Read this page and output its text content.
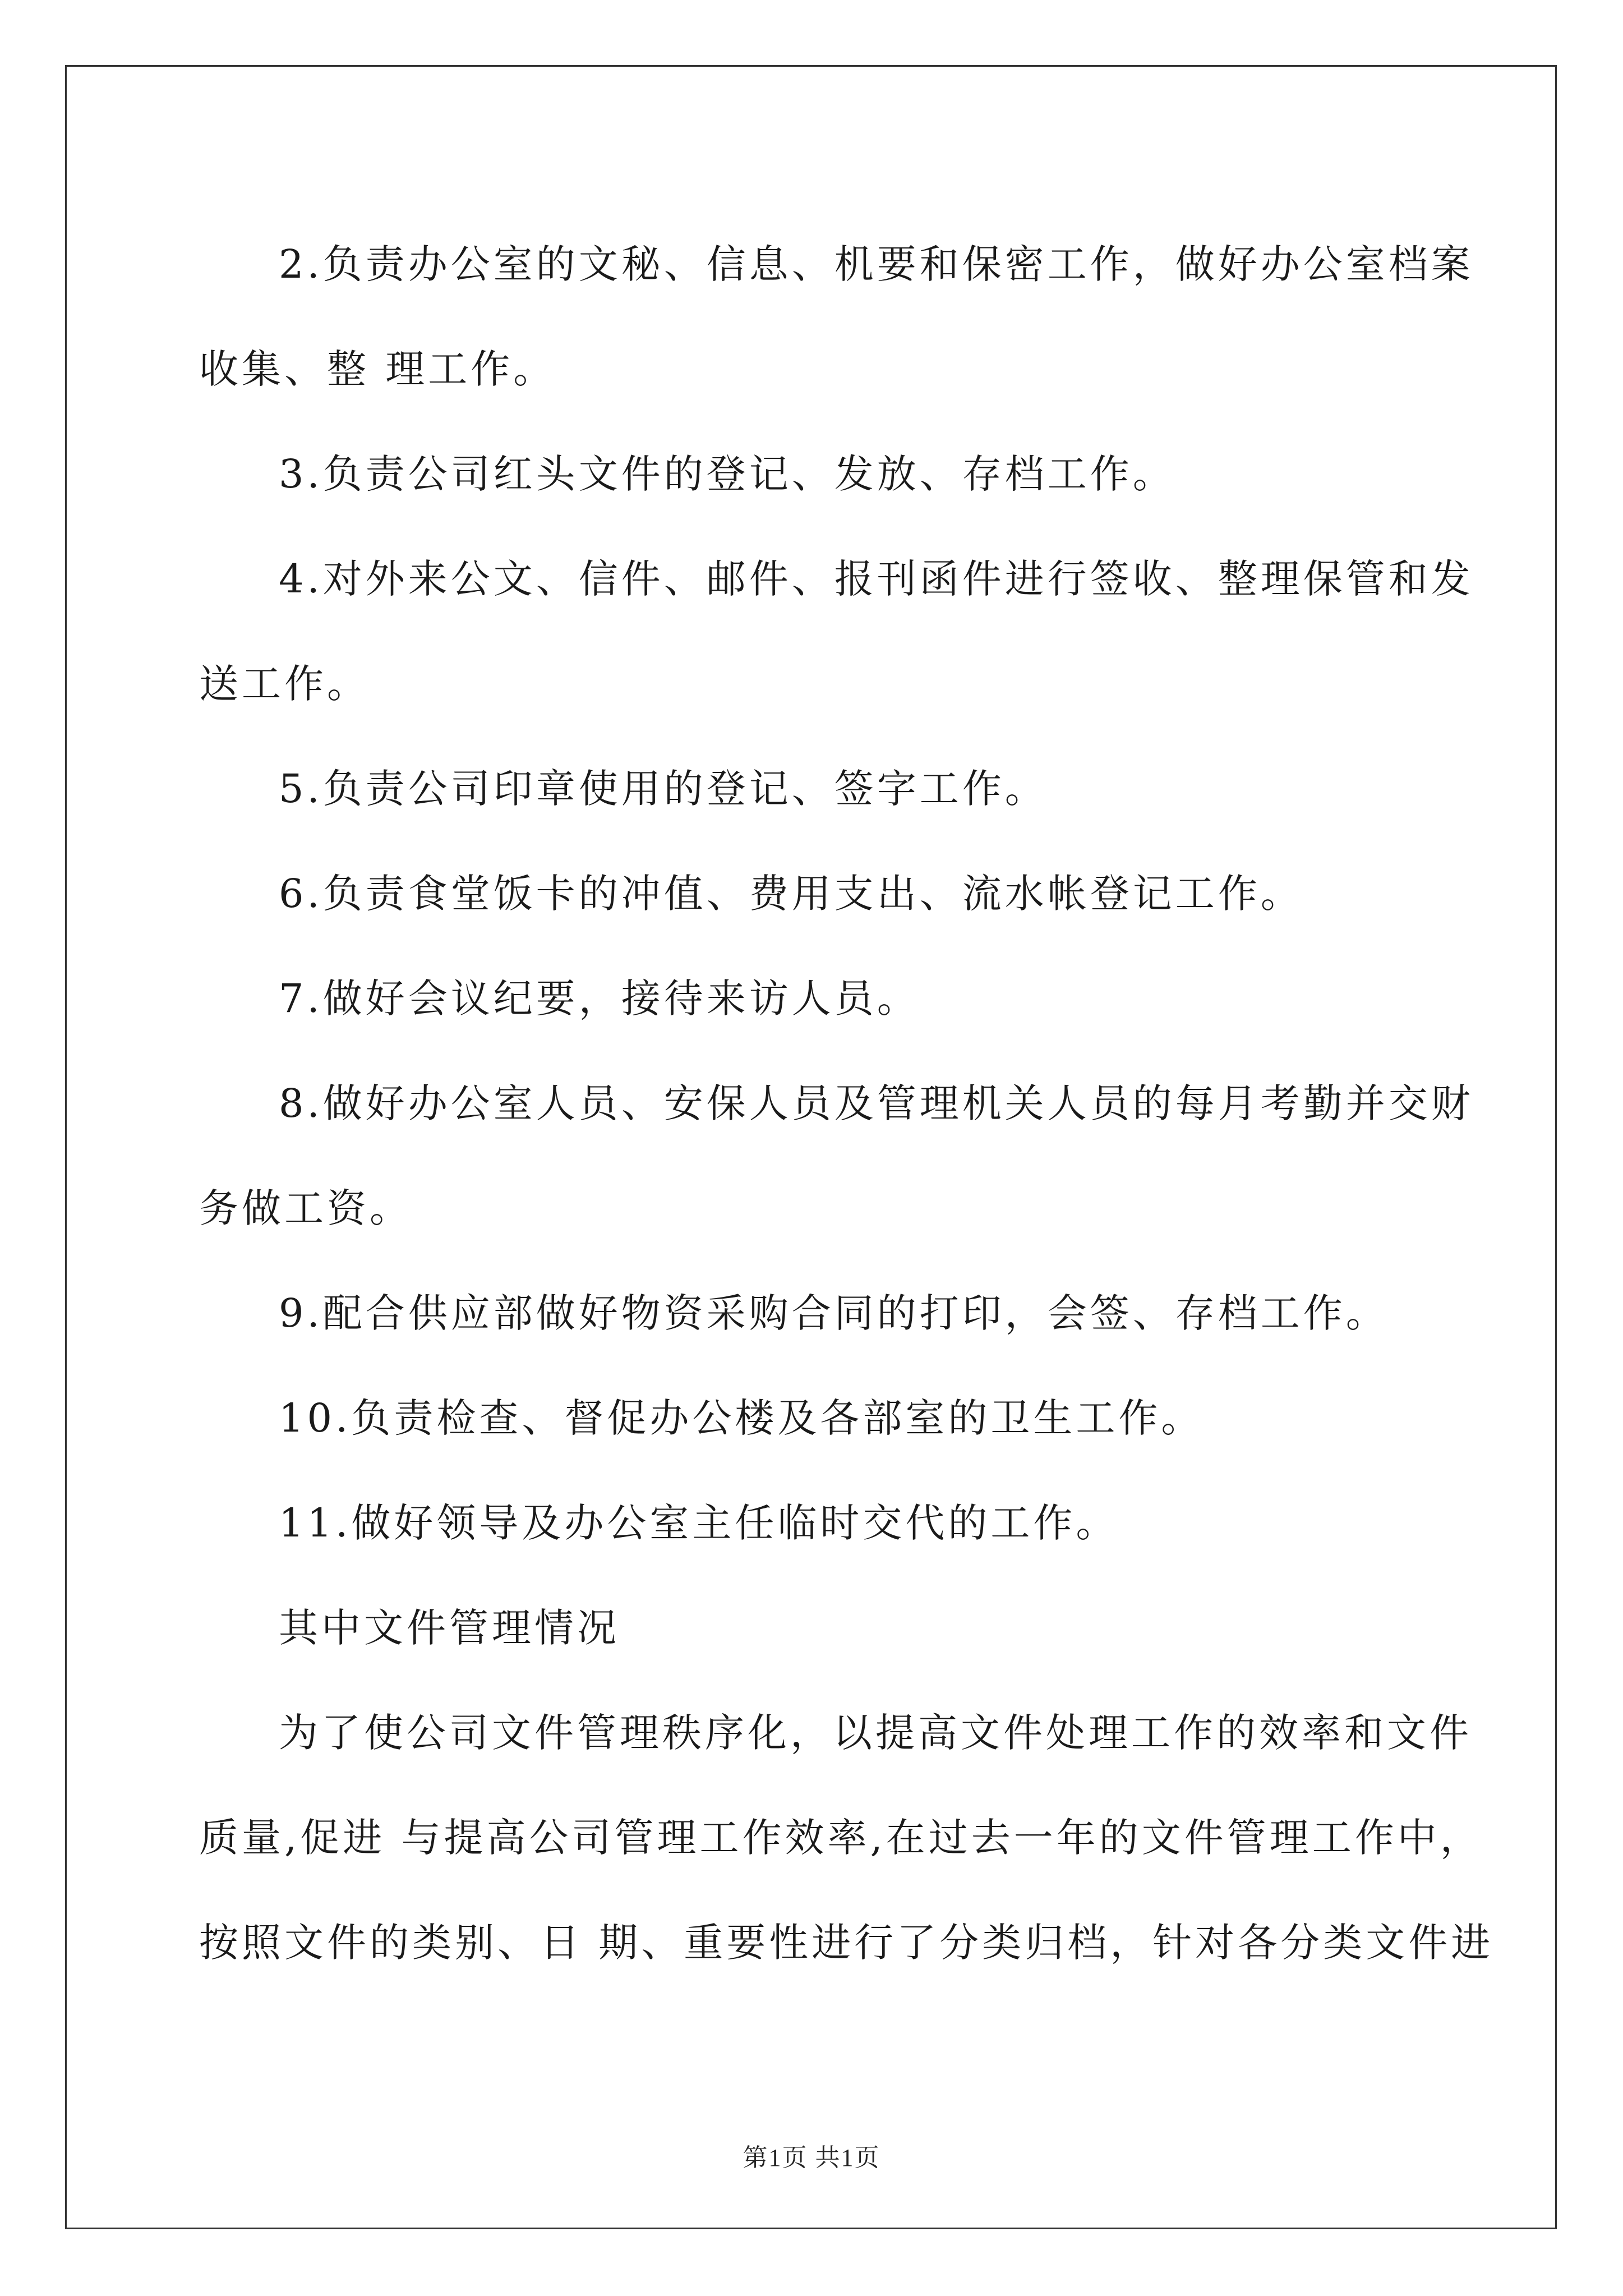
2.负责办公室的文秘、信息、机要和保密工作，做好办公室档案
收集、整 理工作。
3.负责公司红头文件的登记、发放、存档工作。
4.对外来公文、信件、邮件、报刊函件进行签收、整理保管和发
送工作。
5.负责公司印章使用的登记、签字工作。
6.负责食堂饭卡的冲值、费用支出、流水帐登记工作。
7.做好会议纪要，接待来访人员。
8.做好办公室人员、安保人员及管理机关人员的每月考勤并交财
务做工资。
9.配合供应部做好物资采购合同的打印，会签、存档工作。
10.负责检查、督促办公楼及各部室的卫生工作。
11.做好领导及办公室主任临时交代的工作。
其中文件管理情况
为了使公司文件管理秩序化，以提高文件处理工作的效率和文件
质量,促进 与提高公司管理工作效率,在过去一年的文件管理工作中，
按照文件的类别、日 期、重要性进行了分类归档，针对各分类文件进

第1页 共1页
